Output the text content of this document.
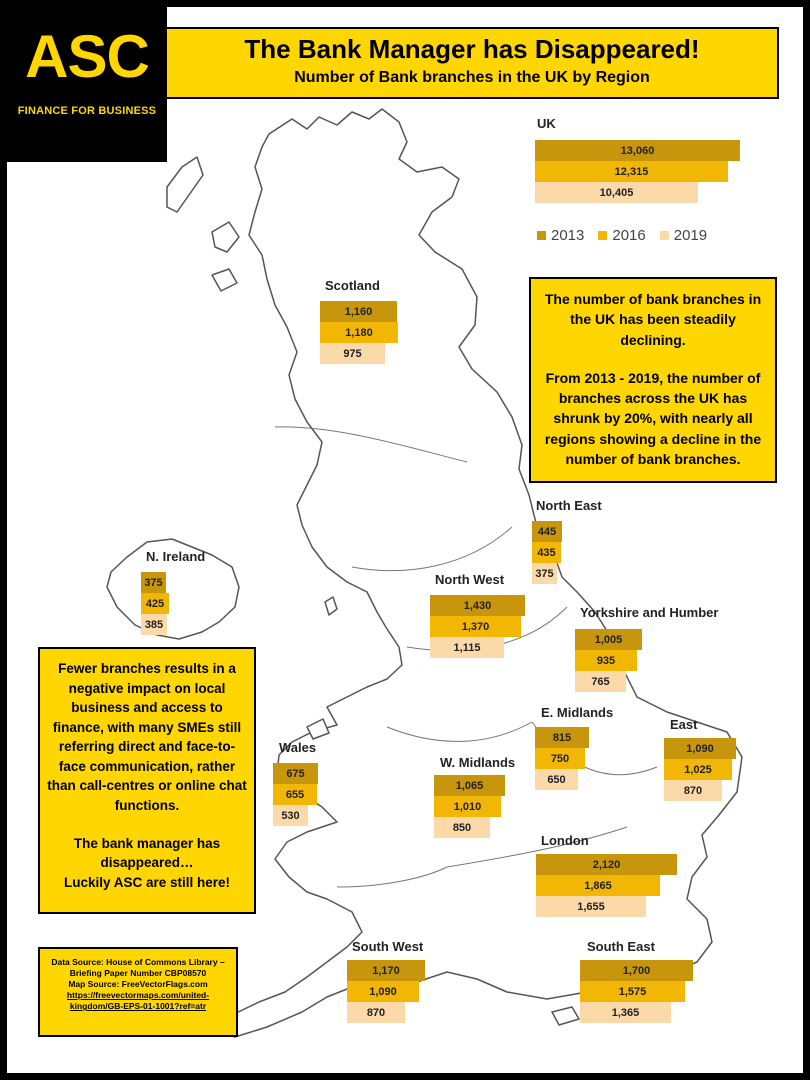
ASC
FINANCE FOR BUSINESS
The Bank Manager has Disappeared!
Number of Bank branches in the UK by Region
UK
13,060
12,315
10,405
Scotland
1,160
1,180
975
North East
445
435
375
N. Ireland
375
425
385
North West
1,430
1,370
1,115
Yorkshire and Humber
1,005
935
765
E. Midlands
815
750
650
East
1,090
1,025
870
Wales
675
655
530
W. Midlands
1,065
1,010
850
London
2,120
1,865
1,655
South West
1,170
1,090
870
South East
1,700
1,575
1,365
2013 2016 2019

The number of bank branches in the UK has been steadily declining.

From 2013 - 2019, the number of branches across the UK has shrunk by 20%, with nearly all regions showing a decline in the number of bank branches.

Fewer branches results in a negative impact on local business and access to finance, with many SMEs still referring direct and face-to-face communication, rather than call-centres or online chat functions.

The bank manager has disappeared…

Luckily ASC are still here!

Data Source: House of Commons Library – Briefing Paper Number CBP08570
Map Source: FreeVectorFlags.com
https://freevectormaps.com/united-kingdom/GB-EPS-01-1001?ref=atr
